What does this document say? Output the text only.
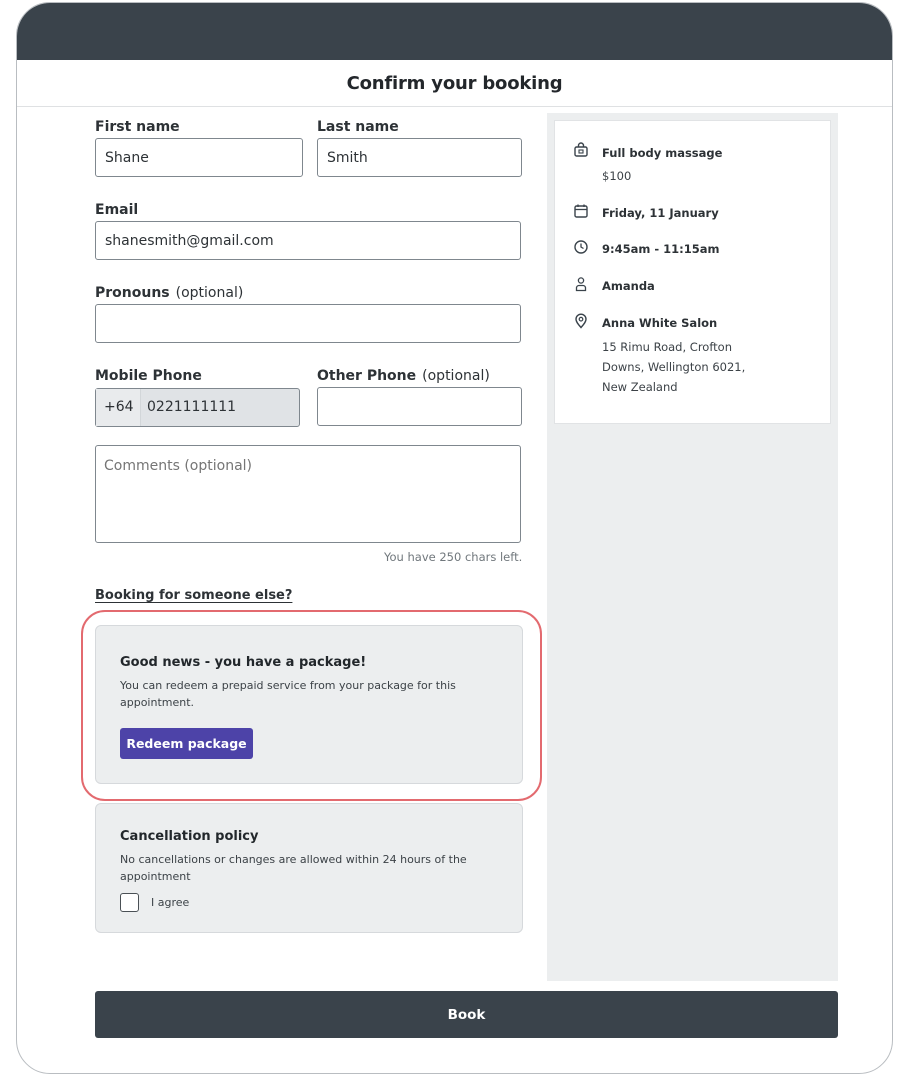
Confirm your booking
First name
Shane	Last name
Smith
Email
shanesmith@gmail.com
Pronouns (optional)
Mobile Phone
+64 0221111111
Other Phone (optional)
Comments (optional)
You have 250 chars left.
Booking for someone else?
Good news - you have a package!
You can redeem a prepaid service from your package for this appointment.
Redeem package
Cancellation policy
No cancellations or changes are allowed within 24 hours of the appointment
I agree
Full body massage
$100
Friday, 11 January
9:45am - 11:15am
Amanda
Anna White Salon
15 Rimu Road, Crofton
Downs, Wellington 6021,
New Zealand
Book
